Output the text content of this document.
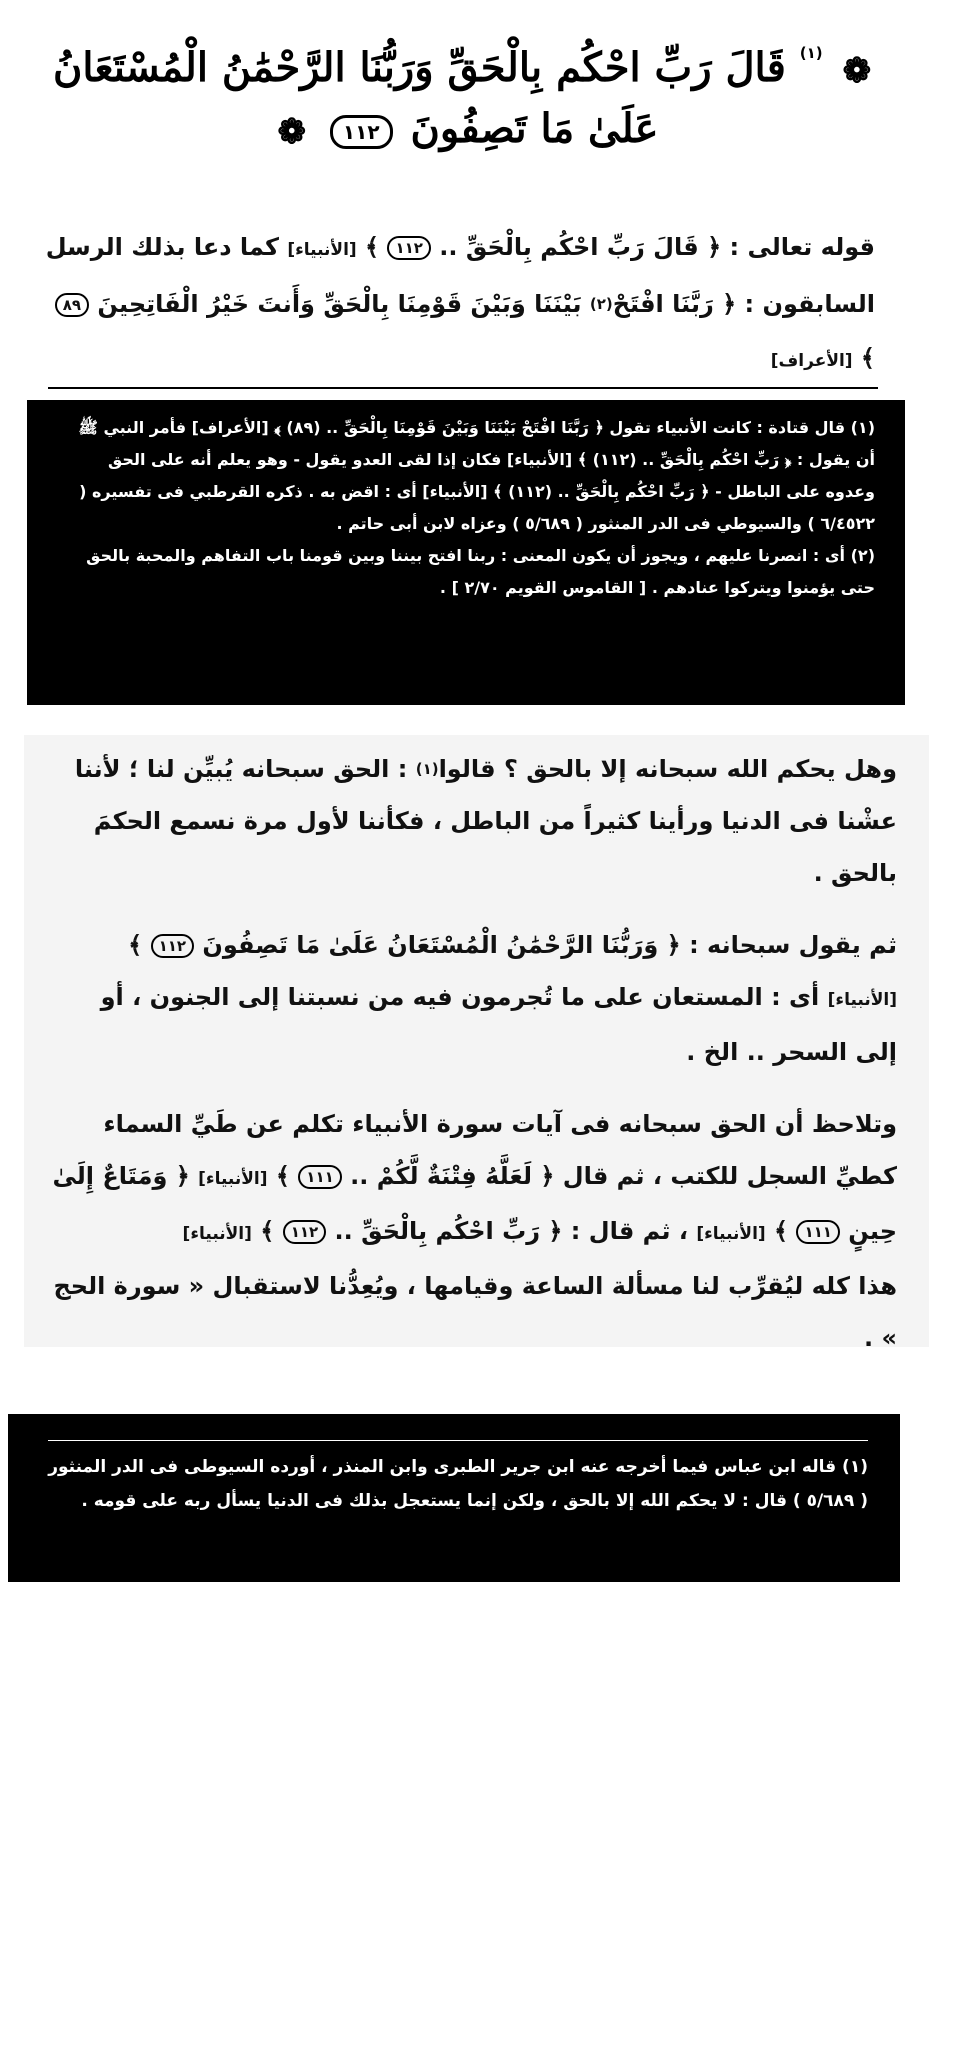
❁ $^{(١)}$ قَالَ رَبِّ احْكُم بِالْحَقِّ وَرَبُّنَا الرَّحْمَٰنُ الْمُسْتَعَانُ
عَلَىٰ مَا تَصِفُونَ ١١٢ ❁
قوله تعالى : ﴿ قَالَ رَبِّ احْكُم بِالْحَقِّ .. ١١٢ ﴾ [الأنبياء] كما دعا بذلك الرسل السابقون : ﴿ رَبَّنَا افْتَحْ$^{(٢)}$ بَيْنَنَا وَبَيْنَ قَوْمِنَا بِالْحَقِّ وَأَنتَ خَيْرُ الْفَاتِحِينَ ٨٩ ﴾ [الأعراف]

(١) قال قتادة : كانت الأنبياء تقول ﴿ رَبَّنَا افْتَحْ بَيْنَنَا وَبَيْنَ قَوْمِنَا بِالْحَقِّ .. (٨٩) ﴾ [الأعراف] فأمر النبي ﷺ أن يقول : ﴿ رَبِّ احْكُم بِالْحَقِّ .. (١١٢) ﴾ [الأنبياء] فكان إذا لقى العدو يقول - وهو يعلم أنه على الحق وعدوه على الباطل - ﴿ رَبِّ احْكُم بِالْحَقِّ .. (١١٢) ﴾ [الأنبياء] أى : اقض به . ذكره القرطبي فى تفسيره ( ٦/٤٥٢٢ ) والسيوطي فى الدر المنثور ( ٥/٦٨٩ ) وعزاه لابن أبى حاتم .

(٢) أى : انصرنا عليهم ، ويجوز أن يكون المعنى : ربنا افتح بيننا وبين قومنا باب التفاهم والمحبة بالحق حتى يؤمنوا ويتركوا عنادهم . [ القاموس القويم ٢/٧٠ ] .

وهل يحكم الله سبحانه إلا بالحق ؟ قالوا$^{(١)}$ : الحق سبحانه يُبيِّن لنا ؛ لأننا عشْنا فى الدنيا ورأينا كثيراً من الباطل ، فكأننا لأول مرة نسمع الحكمَ بالحق .
ثم يقول سبحانه : ﴿ وَرَبُّنَا الرَّحْمَٰنُ الْمُسْتَعَانُ عَلَىٰ مَا تَصِفُونَ ١١٢ ﴾ [الأنبياء] أى : المستعان على ما تُجرمون فيه من نسبتنا إلى الجنون ، أو إلى السحر .. الخ .
وتلاحظ أن الحق سبحانه فى آيات سورة الأنبياء تكلم عن طَيِّ السماء كطيِّ السجل للكتب ، ثم قال ﴿ لَعَلَّهُ فِتْنَةٌ لَّكُمْ .. ١١١ ﴾ [الأنبياء] ﴿ وَمَتَاعٌ إِلَىٰ حِينٍ ١١١ ﴾ [الأنبياء] ، ثم قال : ﴿ رَبِّ احْكُم بِالْحَقِّ .. ١١٢ ﴾ [الأنبياء]
هذا كله ليُقرِّب لنا مسألة الساعة وقيامها ، ويُعِدُّنا لاستقبال « سورة الحج » .

(١) قاله ابن عباس فيما أخرجه عنه ابن جرير الطبرى وابن المنذر ، أورده السيوطى فى الدر المنثور ( ٥/٦٨٩ ) قال : لا يحكم الله إلا بالحق ، ولكن إنما يستعجل بذلك فى الدنيا يسأل ربه على قومه .
